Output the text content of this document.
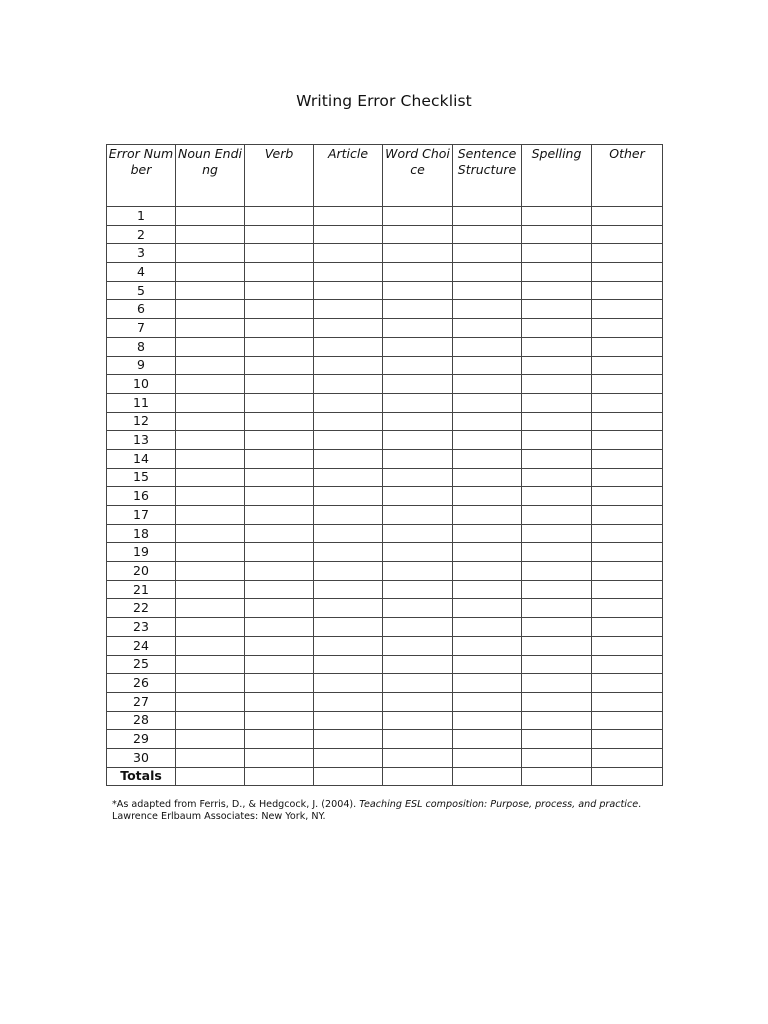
Writing Error Checklist
Error Number	Noun Ending	Verb	Article	Word Choice	Sentence Structure	Spelling	Other
1							
2							
3							
4							
5							
6							
7							
8							
9							
10							
11							
12							
13							
14							
15							
16							
17							
18							
19							
20							
21							
22							
23							
24							
25							
26							
27							
28							
29							
30							
Totals							

*As adapted from Ferris, D., & Hedgcock, J. (2004). Teaching ESL composition: Purpose, process, and practice. Lawrence Erlbaum Associates: New York, NY.
